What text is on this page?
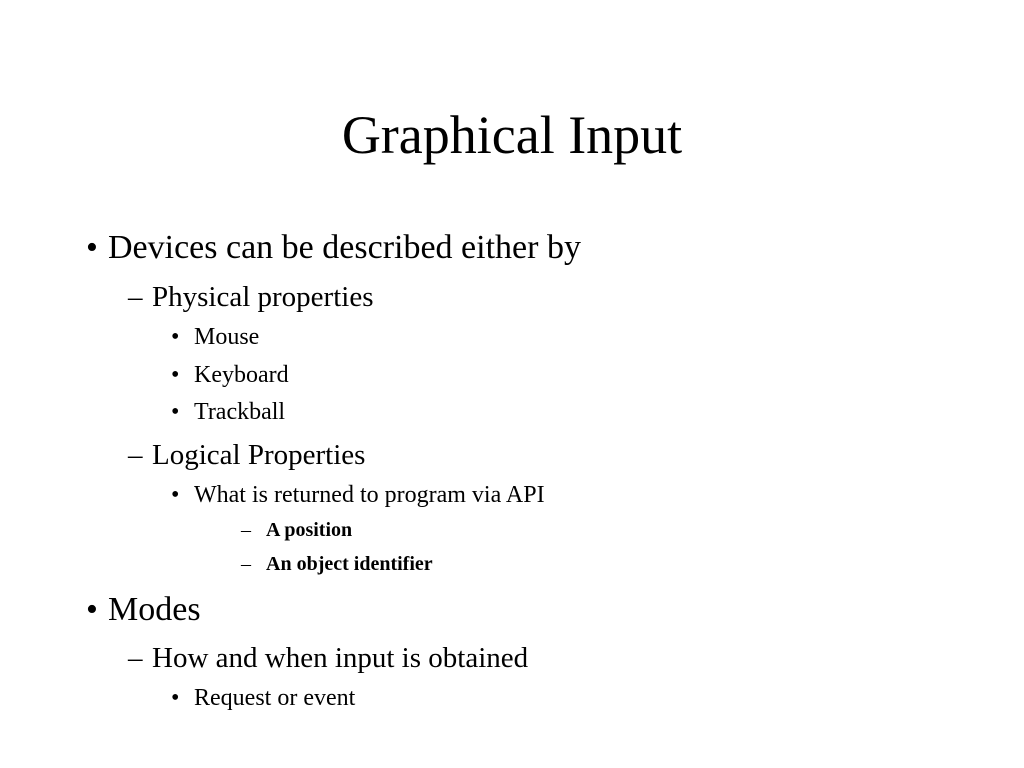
Graphical Input
• Devices can be described either by
– Physical properties
• Mouse
• Keyboard
• Trackball
– Logical Properties
• What is returned to program via API
– A position
– An object identifier
• Modes
– How and when input is obtained
• Request or event
